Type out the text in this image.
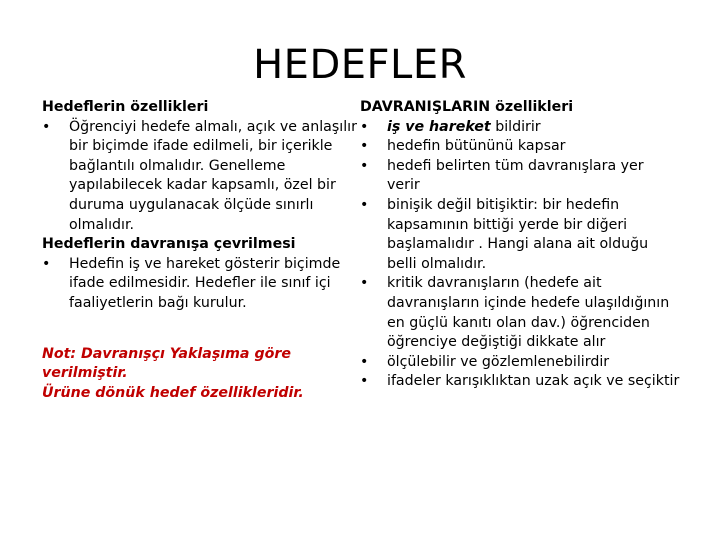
HEDEFLER
Hedeflerin özellikleri
• Öğrenciyi hedefe almalı, açık ve anlaşılır bir biçimde ifade edilmeli, bir içerikle bağlantılı olmalıdır. Genelleme yapılabilecek kadar kapsamlı, özel bir duruma uygulanacak ölçüde sınırlı olmalıdır.
Hedeflerin davranışa çevrilmesi
• Hedefin iş ve hareket gösterir biçimde ifade edilmesidir. Hedefler ile sınıf içi faaliyetlerin bağı kurulur.
Not: Davranışçı Yaklaşıma göre verilmiştir.
Ürüne dönük hedef özellikleridir.
DAVRANIŞLARIN özellikleri
• iş ve hareket bildirir
• hedefin bütününü kapsar
• hedefi belirten tüm davranışlara yer verir
• binişik değil bitişiktir: bir hedefin kapsamının bittiği yerde bir diğeri başlamalıdır . Hangi alana ait olduğu belli olmalıdır.
• kritik davranışların (hedefe ait davranışların içinde hedefe ulaşıldığının en güçlü kanıtı olan dav.) öğrenciden öğrenciye değiştiği dikkate alır
• ölçülebilir ve gözlemlenebilirdir
• ifadeler karışıklıktan uzak açık ve seçiktir
